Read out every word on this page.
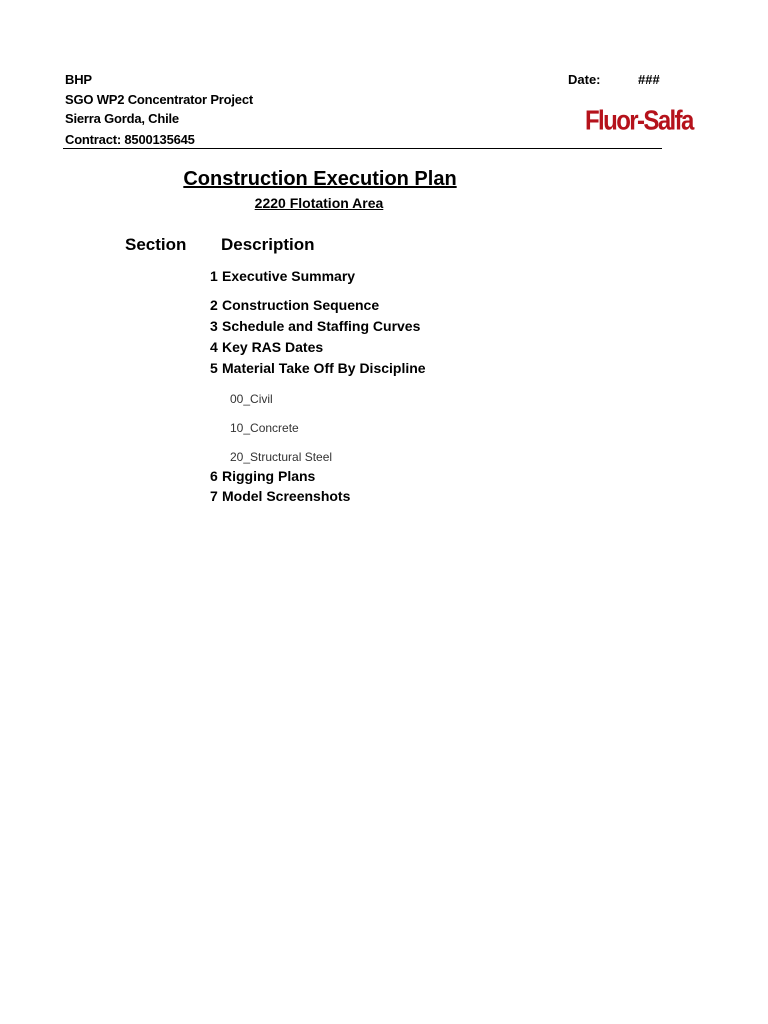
BHP
SGO WP2 Concentrator Project
Sierra Gorda, Chile
Contract: 8500135645
Date:	###
Fluor-Salfa
Construction Execution Plan
2220 Flotation Area
Section Description
1 Executive Summary
2 Construction Sequence
3 Schedule and Staffing Curves
4 Key RAS Dates
5 Material Take Off By Discipline
00_Civil
10_Concrete
20_Structural Steel
6 Rigging Plans
7 Model Screenshots
